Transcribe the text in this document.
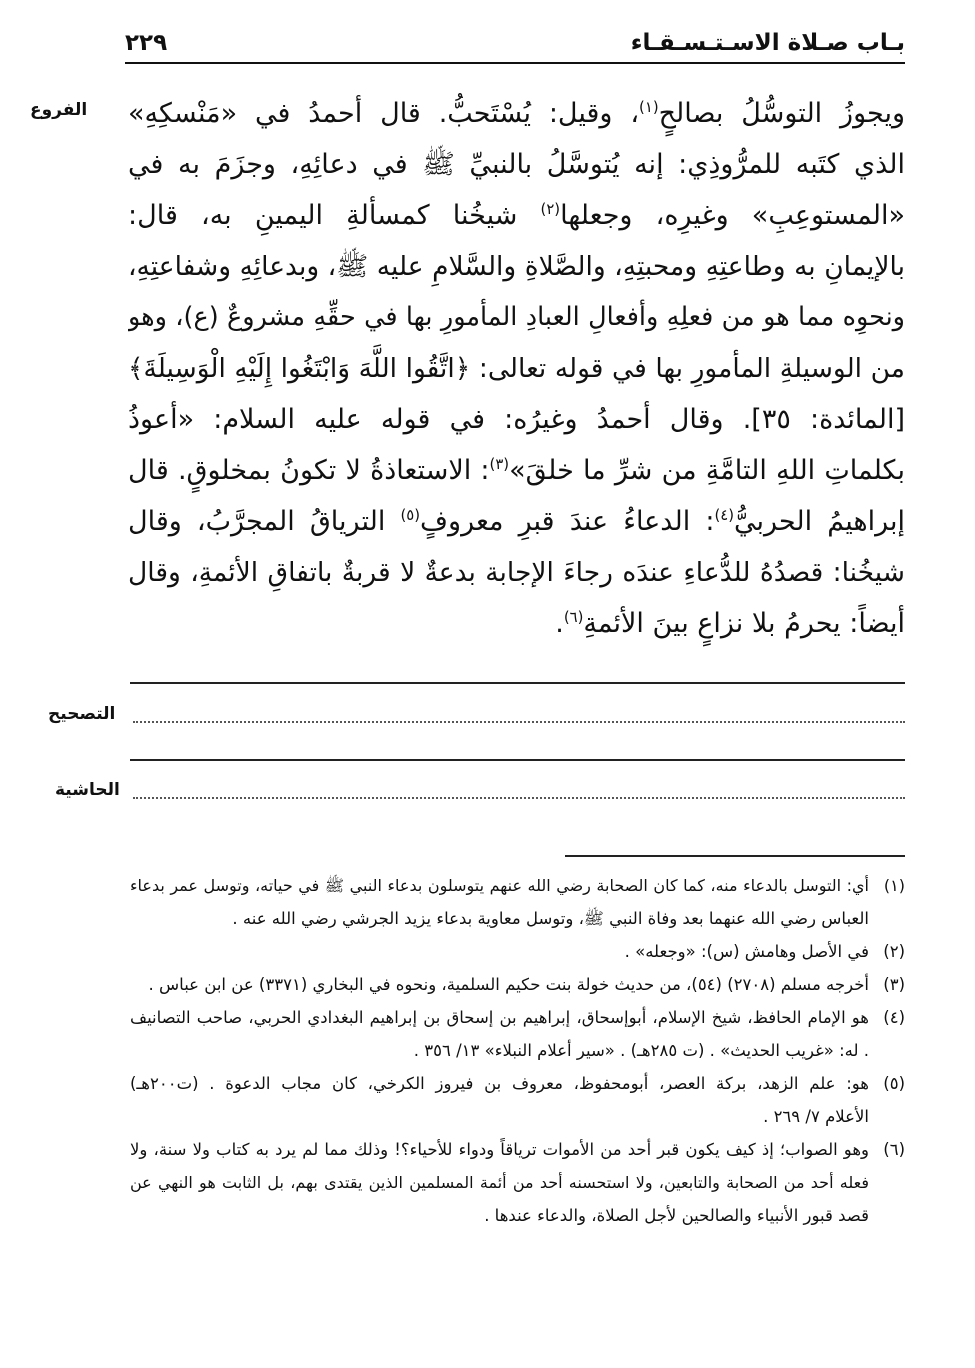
بـاب صـلاة الاسـتـسـقـاء
٢٢٩
الفروع	ويجوزُ التوسُّلُ بصالحٍ$^{(١)}$، وقيل: يُسْتَحبُّ. قال أحمدُ في «مَنْسكِهِ»
الذي كتَبه للمرُّوذِي: إنه يُتوسَّلُ بالنبيِّ ﷺ في دعائِهِ، وجزَمَ به في
«المستوعِبِ» وغيرِه، وجعلها$^{(٢)}$ شيخُنا كمسألةِ اليمينِ به، قال:
بالإيمانِ به وطاعتِهِ ومحبتِهِ، والصَّلاةِ والسَّلامِ عليه ﷺ، وبدعائِهِ وشفاعتِهِ،
ونحوِه مما هو من فعلِهِ وأفعالِ العبادِ المأمورِ بها في حقِّهِ مشروعٌ (ع)، وهو
من الوسيلةِ المأمورِ بها في قوله تعالى: ﴿اتَّقُوا اللَّهَ وَابْتَغُوا إِلَيْهِ الْوَسِيلَةَ﴾
[المائدة: ٣٥]. وقال أحمدُ وغيرُه: في قوله عليه السلام: «أعوذُ
بكلماتِ اللهِ التامَّةِ من شرِّ ما خلقَ»$^{(٣)}$: الاستعاذةُ لا تكونُ بمخلوقٍ. قال
إبراهيمُ الحربيُّ$^{(٤)}$: الدعاءُ عندَ قبرِ معروفٍ$^{(٥)}$ الترياقُ المجرَّبُ، وقال
شيخُنا: قصدُهُ للدُّعاءِ عندَه رجاءَ الإجابة بدعةٌ لا قربةٌ باتفاقِ الأئمةِ، وقال
أيضاً: يحرمُ بلا نزاعٍ بينَ الأئمةِ$^{(٦)}$.
التصحيح
الحاشية
(١)أي: التوسل بالدعاء منه، كما كان الصحابة رضي الله عنهم يتوسلون بدعاء النبي ﷺ في حياته، وتوسل عمر بدعاء
العباس رضي الله عنهما بعد وفاة النبي ﷺ، وتوسل معاوية بدعاء يزيد الجرشي رضي الله عنه .
(٢)في الأصل وهامش (س): «وجعله» .
(٣)أخرجه مسلم (٢٧٠٨) (٥٤)، من حديث خولة بنت حكيم السلمية، ونحوه في البخاري (٣٣٧١) عن ابن عباس .
(٤)هو الإمام الحافظ، شيخ الإسلام، أبوإسحاق، إبراهيم بن إسحاق بن إبراهيم البغدادي الحربي، صاحب التصانيف
. له: «غريب الحديث» . (ت ٢٨٥هـ) . «سير أعلام النبلاء» ١٣/ ٣٥٦ .
(٥)هو: علم الزهد، بركة العصر، أبومحفوظ، معروف بن فيروز الكرخي، كان مجاب الدعوة . (ت٢٠٠هـ)
الأعلام ٧/ ٢٦٩ .
(٦)وهو الصواب؛ إذ كيف يكون قبر أحد من الأموات ترياقاً ودواء للأحياء؟! وذلك مما لم يرد به كتاب ولا سنة، ولا
فعله أحد من الصحابة والتابعين، ولا استحسنه أحد من أئمة المسلمين الذين يقتدى بهم، بل الثابت هو النهي عن
قصد قبور الأنبياء والصالحين لأجل الصلاة، والدعاء عندها .
